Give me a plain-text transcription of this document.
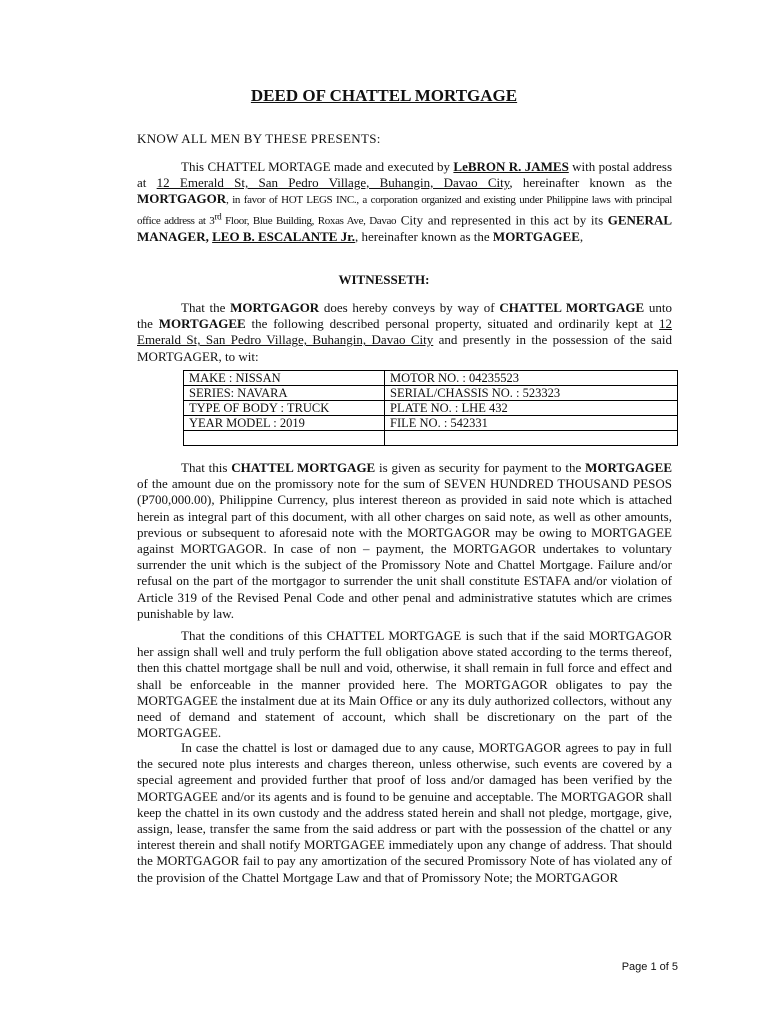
DEED OF CHATTEL MORTGAGE
KNOW ALL MEN BY THESE PRESENTS:
This CHATTEL MORTAGE made and executed by LeBRON R. JAMES with postal address at 12 Emerald St, San Pedro Village, Buhangin, Davao City, hereinafter known as the MORTGAGOR, in favor of HOT LEGS INC., a corporation organized and existing under Philippine laws with principal office address at 3rd Floor, Blue Building, Roxas Ave, Davao City and represented in this act by its GENERAL MANAGER, LEO B. ESCALANTE Jr., hereinafter known as the MORTGAGEE,
WITNESSETH:
That the MORTGAGOR does hereby conveys by way of CHATTEL MORTGAGE unto the MORTGAGEE the following described personal property, situated and ordinarily kept at 12 Emerald St, San Pedro Village, Buhangin, Davao City and presently in the possession of the said MORTGAGER, to wit:
MAKE : NISSAN	MOTOR NO. : 04235523
SERIES: NAVARA	SERIAL/CHASSIS NO. : 523323
TYPE OF BODY : TRUCK	PLATE NO. : LHE 432
YEAR MODEL : 2019	FILE NO. : 542331

That this CHATTEL MORTGAGE is given as security for payment to the MORTGAGEE of the amount due on the promissory note for the sum of SEVEN HUNDRED THOUSAND PESOS (P700,000.00), Philippine Currency, plus interest thereon as provided in said note which is attached herein as integral part of this document, with all other charges on said note, as well as other amounts, previous or subsequent to aforesaid note with the MORTGAGOR may be owing to MORTGAGEE against MORTGAGOR. In case of non – payment, the MORTGAGOR undertakes to voluntary surrender the unit which is the subject of the Promissory Note and Chattel Mortgage. Failure and/or refusal on the part of the mortgagor to surrender the unit shall constitute ESTAFA and/or violation of Article 319 of the Revised Penal Code and other penal and administrative statutes which are crimes punishable by law.
That the conditions of this CHATTEL MORTGAGE is such that if the said MORTGAGOR her assign shall well and truly perform the full obligation above stated according to the terms thereof, then this chattel mortgage shall be null and void, otherwise, it shall remain in full force and effect and shall be enforceable in the manner provided here. The MORTGAGOR obligates to pay the MORTGAGEE the instalment due at its Main Office or any its duly authorized collectors, without any need of demand and statement of account, which shall be discretionary on the part of the MORTGAGEE.
In case the chattel is lost or damaged due to any cause, MORTGAGOR agrees to pay in full the secured note plus interests and charges thereon, unless otherwise, such events are covered by a special agreement and provided further that proof of loss and/or damaged has been verified by the MORTGAGEE and/or its agents and is found to be genuine and acceptable. The MORTGAGOR shall keep the chattel in its own custody and the address stated herein and shall not pledge, mortgage, give, assign, lease, transfer the same from the said address or part with the possession of the chattel or any interest therein and shall notify MORTGAGEE immediately upon any change of address. That should the MORTGAGOR fail to pay any amortization of the secured Promissory Note of has violated any of the provision of the Chattel Mortgage Law and that of Promissory Note; the MORTGAGOR
Page 1 of 5
